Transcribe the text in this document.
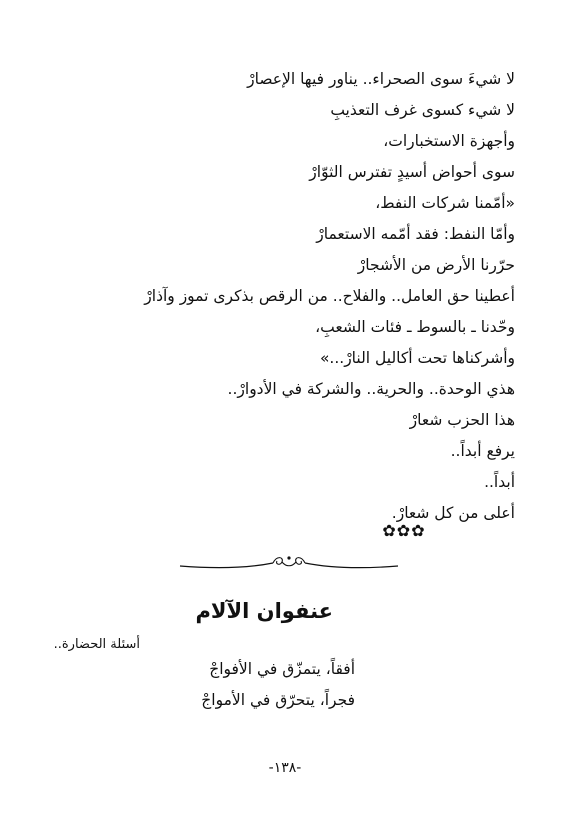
لا شيءَ سوى الصحراء.. يناور فيها الإعصارْ
لا شيء كسوى غرف التعذيبِ
وأجهزة الاستخبارات،
سوى أحواض أسيدٍ تفترس الثوّارْ
«أمّمنا شركات النفط،
وأمّا النفط: فقد أمّمه الاستعمارْ
حرّرنا الأرض من الأشجارْ
أعطينا حق العامل.. والفلاح.. من الرقص بذكرى تموز وآذارْ
وحّدنا ـ بالسوط ـ فئات الشعبِ،
وأشركناها تحت أكاليل النارْ...»
هذي الوحدة.. والحرية.. والشركة في الأدوارْ..
هذا الحزب شعارْ
يرفع أبداً..
أبداً..
أعلى من كل شعارْ.
✿✿✿
عنفوان الآلام
أسئلة الحضارة..
أفقاً، يتمزّق في الأفواجْ
فجراً، يتحرّق في الأمواجْ
-١٣٨-
